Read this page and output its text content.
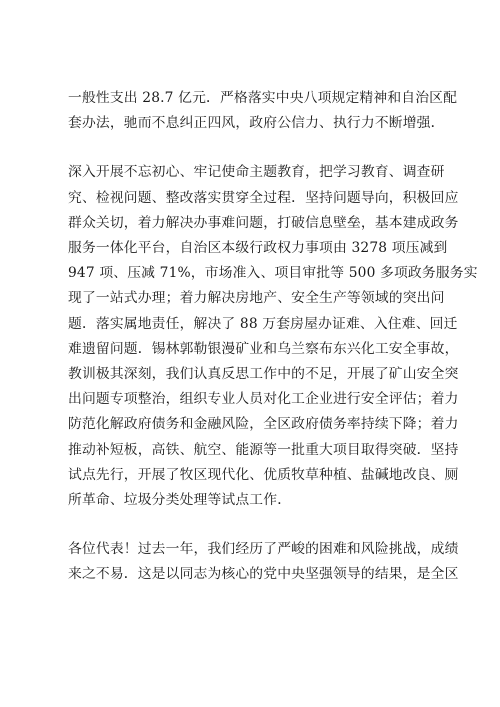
一般性支出 28.7 亿元．严格落实中央八项规定精神和自治区配
套办法，驰而不息纠正四风，政府公信力、执行力不断增强．

深入开展不忘初心、牢记使命主题教育，把学习教育、调查研
究、检视问题、整改落实贯穿全过程．坚持问题导向，积极回应
群众关切，着力解决办事难问题，打破信息壁垒，基本建成政务
服务一体化平台，自治区本级行政权力事项由 3278 项压减到
947 项、压减 71%，市场准入、项目审批等 500 多项政务服务实
现了一站式办理；着力解决房地产、安全生产等领域的突出问
题．落实属地责任，解决了 88 万套房屋办证难、入住难、回迁
难遗留问题．锡林郭勒银漫矿业和乌兰察布东兴化工安全事故，
教训极其深刻，我们认真反思工作中的不足，开展了矿山安全突
出问题专项整治，组织专业人员对化工企业进行安全评估；着力
防范化解政府债务和金融风险，全区政府债务率持续下降；着力
推动补短板，高铁、航空、能源等一批重大项目取得突破．坚持
试点先行，开展了牧区现代化、优质牧草种植、盐碱地改良、厕
所革命、垃圾分类处理等试点工作．

各位代表！过去一年，我们经历了严峻的困难和风险挑战，成绩
来之不易．这是以同志为核心的党中央坚强领导的结果，是全区
